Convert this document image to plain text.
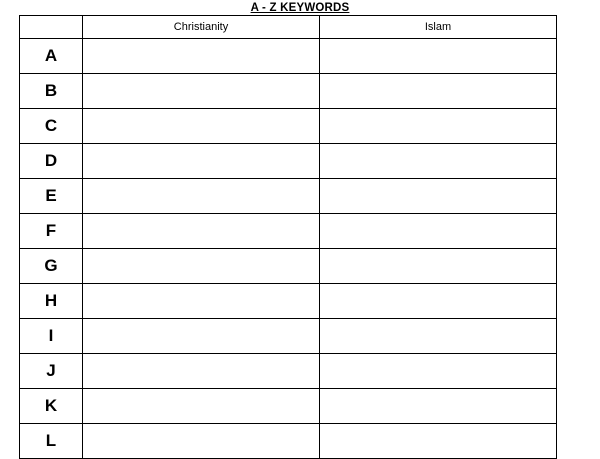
A - Z KEYWORDS
	Christianity	Islam
A		
B		
C		
D		
E		
F		
G		
H		
I		
J		
K		
L		
